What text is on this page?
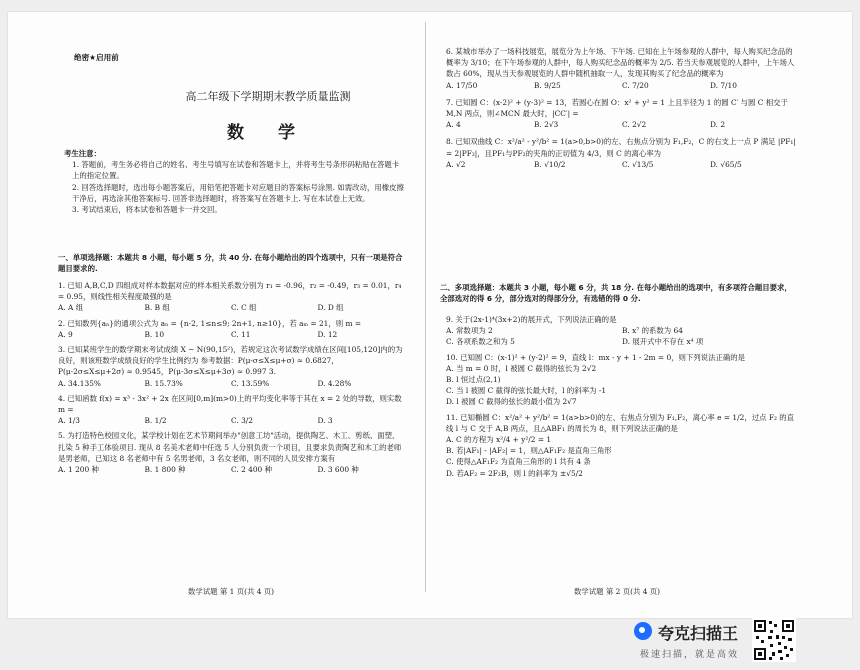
绝密★启用前
高二年级下学期期末教学质量监测
数 学
考生注意：
1. 答题前，考生务必将自己的姓名、考生号填写在试卷和答题卡上，并将考生号条形码粘贴在答题卡上的指定位置。
2. 回答选择题时，选出每小题答案后，用铅笔把答题卡对应题目的答案标号涂黑. 如需改动，用橡皮擦干净后，再选涂其他答案标号. 回答非选择题时，将答案写在答题卡上. 写在本试卷上无效。
3. 考试结束后，将本试卷和答题卡一并交回。
一、单项选择题：本题共 8 小题，每小题 5 分，共 40 分. 在每小题给出的四个选项中，只有一项是符合题目要求的.
1. 已知 A,B,C,D 四组成对样本数据对应的样本相关系数分别为 r₁ = -0.96，r₂ = -0.49，r₃ = 0.01，r₄ = 0.95，则线性相关程度最强的是
A. A 组	B. B 组	C. C 组	D. D 组
2. 已知数列{aₙ}的通项公式为 aₙ = {n-2, 1≤n≤9; 2n+1, n≥10}，若 aₘ = 21，则 m =
A. 9	B. 10	C. 11	D. 12
3. 已知某班学生的数学期末考试成绩 X ~ N(90,15²)，若规定这次考试数学成绩在区间[105,120]内的为良好，则该班数学成绩良好的学生比例约为 参考数据：P(μ-σ≤X≤μ+σ) ≈ 0.6827，P(μ-2σ≤X≤μ+2σ) ≈ 0.9545，P(μ-3σ≤X≤μ+3σ) ≈ 0.997 3.
A. 34.135%	B. 15.73%	C. 13.59%	D. 4.28%
4. 已知函数 f(x) = x³ - 3x² + 2x 在区间[0,m](m>0)上的平均变化率等于其在 x = 2 处的导数，则实数 m =
A. 1/3	B. 1/2	C. 3/2	D. 3
5. 为打造特色校园文化，某学校计划在艺术节期间举办"创意工坊"活动，提供陶艺、木工、剪纸、面塑、扎染 5 种手工体验项目. 现从 8 名美术老师中任选 5 人分别负责一个项目，且要求负责陶艺和木工的老师是男老师，已知这 8 名老师中有 5 名男老师，3 名女老师，则不同的人员安排方案有
A. 1 200 种	B. 1 800 种	C. 2 400 种	D. 3 600 种
数学试题 第 1 页(共 4 页)
6. 某城市举办了一场科技展览，展览分为上午场、下午场. 已知在上午场参观的人群中，每人购买纪念品的概率为 3/10；在下午场参观的人群中，每人购买纪念品的概率为 2/5. 若当天参观展览的人群中，上午场人数占 60%，现从当天参观展览的人群中随机抽取一人，发现其购买了纪念品的概率为
A. 17/50	B. 9/25	C. 7/20	D. 7/10
7. 已知圆 C：(x-2)² + (y-3)² = 13，若圆心在圆 O：x² + y² = 1 上且半径为 1 的圆 C′ 与圆 C 相交于 M,N 两点，则∠MCN 最大时，|CC′| =
A. 4	B. 2√3	C. 2√2	D. 2
8. 已知双曲线 C：x²/a² - y²/b² = 1(a>0,b>0)的左、右焦点分别为 F₁,F₂，C 的右支上一点 P 满足 |PF₁| = 2|PF₂|，且PF₁与PF₂的夹角的正切值为 4/3，则 C 的离心率为
A. √2	B. √10/2	C. √13/5	D. √65/5
二、多项选择题：本题共 3 小题，每小题 6 分，共 18 分. 在每小题给出的选项中，有多项符合题目要求，全部选对的得 6 分，部分选对的得部分分，有选错的得 0 分.
9. 关于(2x-1)⁴(3x+2)的展开式，下列说法正确的是
A. 常数项为 2	B. x⁷ 的系数为 64
C. 各项系数之和为 5	D. 展开式中不存在 x⁴ 项
10. 已知圆 C：(x-1)² + (y-2)² = 9，直线 l：mx - y + 1 - 2m = 0，则下列说法正确的是
A. 当 m = 0 时，l 被圆 C 截得的弦长为 2√2
B. l 恒过点(2,1)
C. 当 l 被圆 C 截得的弦长最大时，l 的斜率为 -1
D. l 被圆 C 截得的弦长的最小值为 2√7
11. 已知椭圆 C：x²/a² + y²/b² = 1(a>b>0)的左、右焦点分别为 F₁,F₂，离心率 e = 1/2，过点 F₂ 的直线 l 与 C 交于 A,B 两点，且△ABF₁ 的周长为 8，则下列说法正确的是
A. C 的方程为 x²/4 + y²/2 = 1
B. 若|AF₁| - |AF₂| = 1，则△AF₁F₂ 是直角三角形
C. 使得△AF₁F₂ 为直角三角形的 l 共有 4 条
D. 若AF₂ = 2F₂B，则 l 的斜率为 ±√5/2
数学试题 第 2 页(共 4 页)
夸克扫描王
极速扫描，就是高效
